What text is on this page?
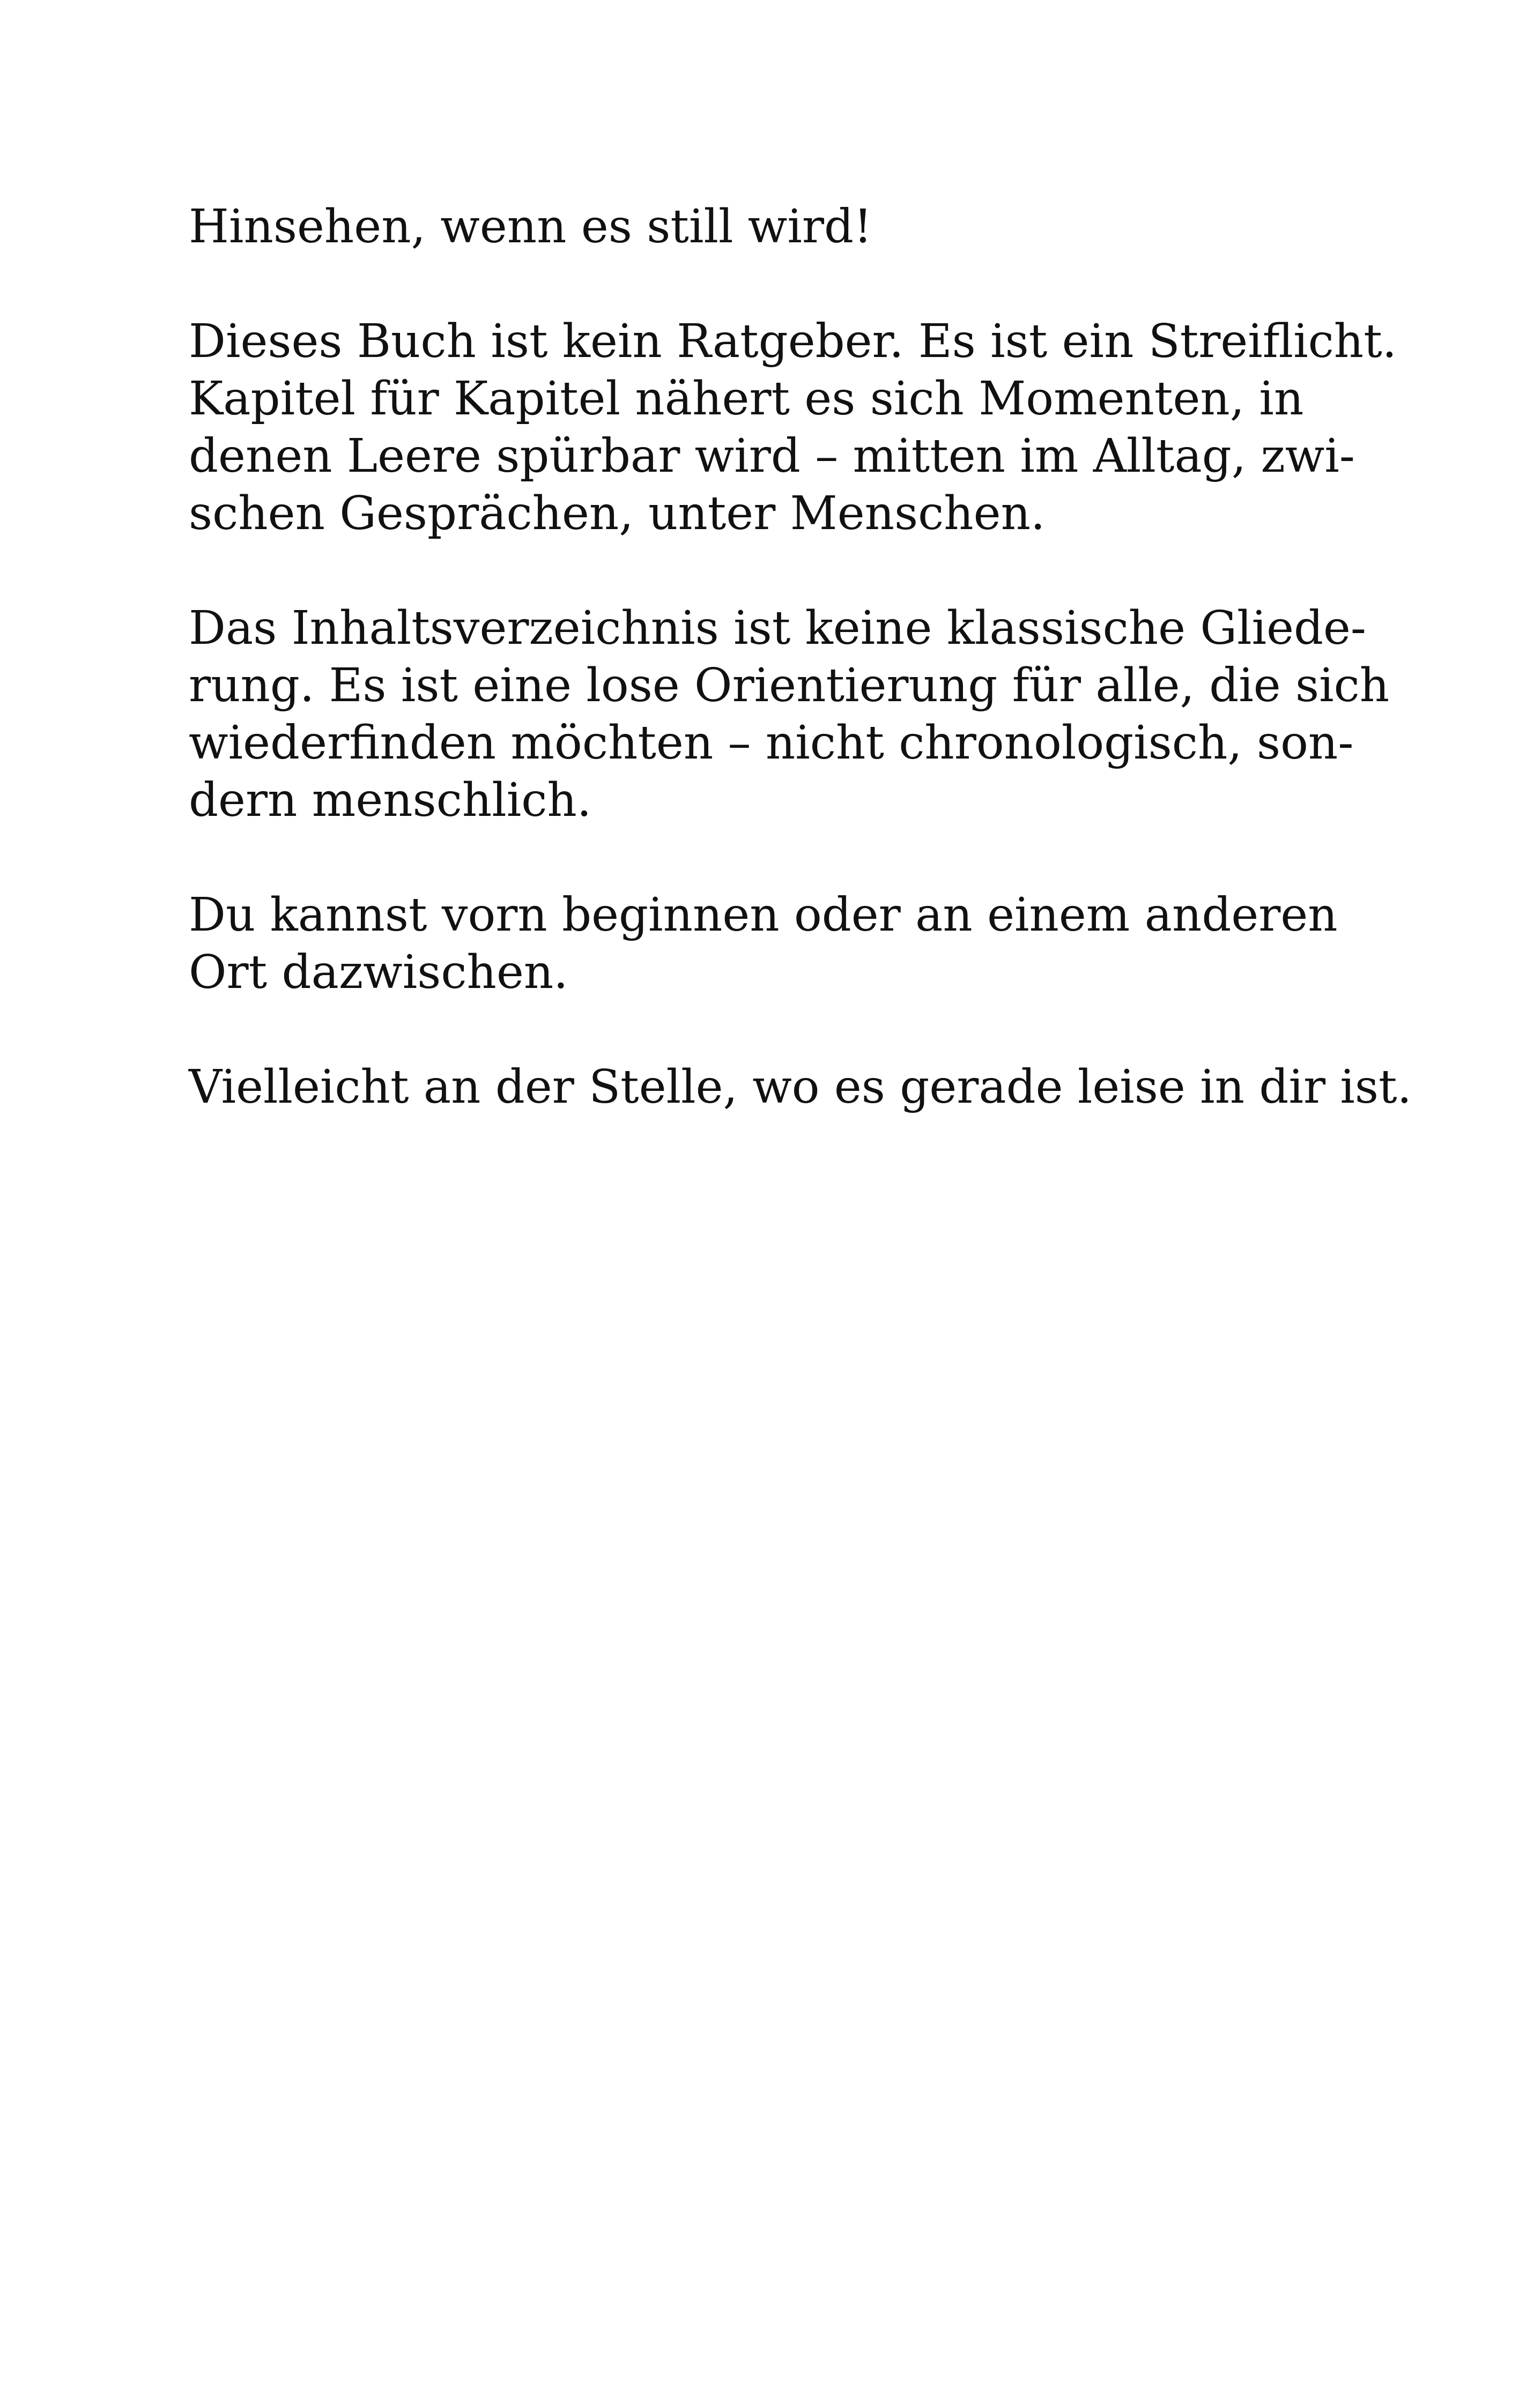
Hinsehen, wenn es still wird!

Dieses Buch ist kein Ratgeber. Es ist ein Streiflicht.
Kapitel für Kapitel nähert es sich Momenten, in
denen Leere spürbar wird – mitten im Alltag, zwi-
schen Gesprächen, unter Menschen.

Das Inhaltsverzeichnis ist keine klassische Gliede-
rung. Es ist eine lose Orientierung für alle, die sich
wiederfinden möchten – nicht chronologisch, son-
dern menschlich.

Du kannst vorn beginnen oder an einem anderen
Ort dazwischen.

Vielleicht an der Stelle, wo es gerade leise in dir ist.
